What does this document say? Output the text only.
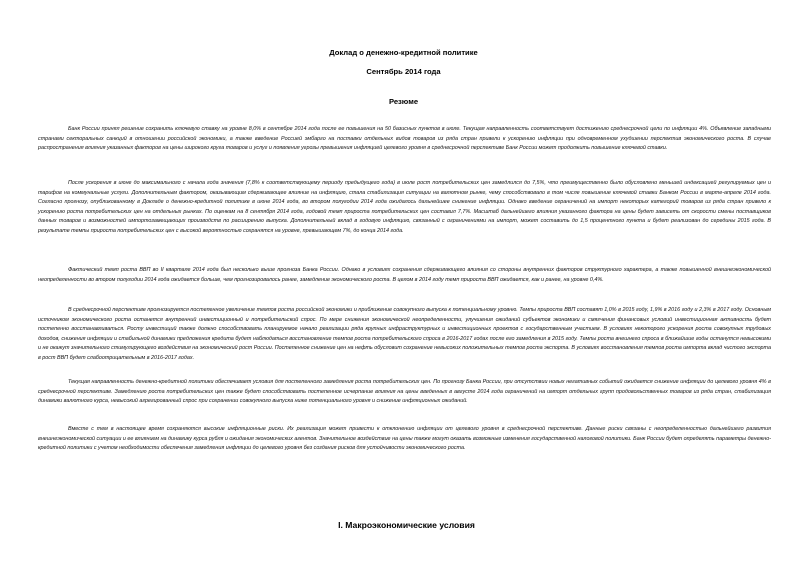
Доклад о денежно-кредитной политике
Сентябрь 2014 года
Резюме

Банк России принял решение сохранить ключевую ставку на уровне 8,0% в сентябре 2014 года после ее повышения на 50 базисных пунктов в июле. Текущая направленность соответствует достижению среднесрочной цели по инфляции 4%. Объявление западными странами секторальных санкций в отношении российской экономики, а также введение Россией эмбарго на поставки отдельных видов товаров из ряда стран привели к ускорению инфляции при одновременном ухудшении перспектив экономического роста. В случае распространения влияния указанных факторов на цены широкого круга товаров и услуг и появления угрозы превышения инфляцией целевого уровня в среднесрочной перспективе Банк России может продолжить повышение ключевой ставки.

После ускорения в июне до максимального с начала года значения (7,8% к соответствующему периоду предыдущего года) в июле рост потребительских цен замедлился до 7,5%, что преимущественно было обусловлено меньшей индексацией регулируемых цен и тарифов на коммунальные услуги. Дополнительным фактором, оказывающим сдерживающее влияние на инфляцию, стала стабилизация ситуации на валютном рынке, чему способствовало в том числе повышение ключевой ставки Банком России в марте-апреле 2014 года. Согласно прогнозу, опубликованному в Докладе о денежно-кредитной политике в июне 2014 года, во втором полугодии 2014 года ожидалось дальнейшее снижение инфляции. Однако введение ограничений на импорт некоторых категорий товаров из ряда стран привело к ускорению роста потребительских цен на отдельных рынках. По оценкам на 8 сентября 2014 года, годовой темп прироста потребительских цен составил 7,7%. Масштаб дальнейшего влияния указанного фактора на цены будет зависеть от скорости смены поставщиков данных товаров и возможностей импортозамещающих производств по расширению выпуска. Дополнительный вклад в годовую инфляцию, связанный с ограничениями на импорт, может составить до 1,5 процентного пункта и будет реализован до середины 2015 года. В результате темпы прироста потребительских цен с высокой вероятностью сохранятся на уровне, превышающем 7%, до конца 2014 года.

Фактический темп роста ВВП во II квартале 2014 года был несколько выше прогноза Банка России. Однако в условиях сохранения сдерживающего влияния со стороны внутренних факторов структурного характера, а также повышенной внешнеэкономической неопределенности во втором полугодии 2014 года ожидается больше, чем прогнозировалось ранее, замедление экономического роста. В целом в 2014 году темп прироста ВВП ожидается, как и ранее, на уровне 0,4%.

В среднесрочной перспективе прогнозируется постепенное увеличение темпов роста российской экономики и приближение совокупного выпуска к потенциальному уровню. Темпы прироста ВВП составят 1,0% в 2015 году, 1,9% в 2016 году и 2,3% в 2017 году. Основным источником экономического роста останется внутренний инвестиционный и потребительский спрос. По мере снижения экономической неопределенности, улучшения ожиданий субъектов экономики и смягчения финансовых условий инвестиционная активность будет постепенно восстанавливаться. Росту инвестиций также должно способствовать планируемое начало реализации ряда крупных инфраструктурных и инвестиционных проектов с государственным участием. В условиях некоторого ускорения роста совокупных трудовых доходов, снижения инфляции и стабильной динамики предложения кредита будет наблюдаться восстановление темпов роста потребительского спроса в 2016-2017 годах после его замедления в 2015 году. Темпы роста внешнего спроса в ближайшие годы останутся невысокими и не окажут значительного стимулирующего воздействия на экономический рост России. Постепенное снижение цен на нефть обусловит сохранение невысоких положительных темпов роста экспорта. В условиях восстановления темпов роста импорта вклад чистого экспорта в рост ВВП будет слабоотрицательным в 2016-2017 годах.

Текущая направленность денежно-кредитной политики обеспечивает условия для постепенного замедления роста потребительских цен. По прогнозу Банка России, при отсутствии новых негативных событий ожидается снижение инфляции до целевого уровня 4% в среднесрочной перспективе. Замедлению роста потребительских цен также будет способствовать постепенное исчерпание влияния на цены введенных в августе 2014 года ограничений на импорт отдельных групп продовольственных товаров из ряда стран, стабилизация динамики валютного курса, невысокий агрегированный спрос при сохранении совокупного выпуска ниже потенциального уровня и снижение инфляционных ожиданий.

Вместе с тем в настоящее время сохраняются высокие инфляционные риски. Их реализация может привести к отклонению инфляции от целевого уровня в среднесрочной перспективе. Данные риски связаны с неопределенностью дальнейшего развития внешнеэкономической ситуации и ее влиянием на динамику курса рубля и ожидания экономических агентов. Значительное воздействие на цены также могут оказать возможные изменения государственной налоговой политики. Банк России будет определять параметры денежно-кредитной политики с учетом необходимости обеспечения замедления инфляции до целевого уровня без создания рисков для устойчивости экономического роста.

I. Макроэкономические условия
